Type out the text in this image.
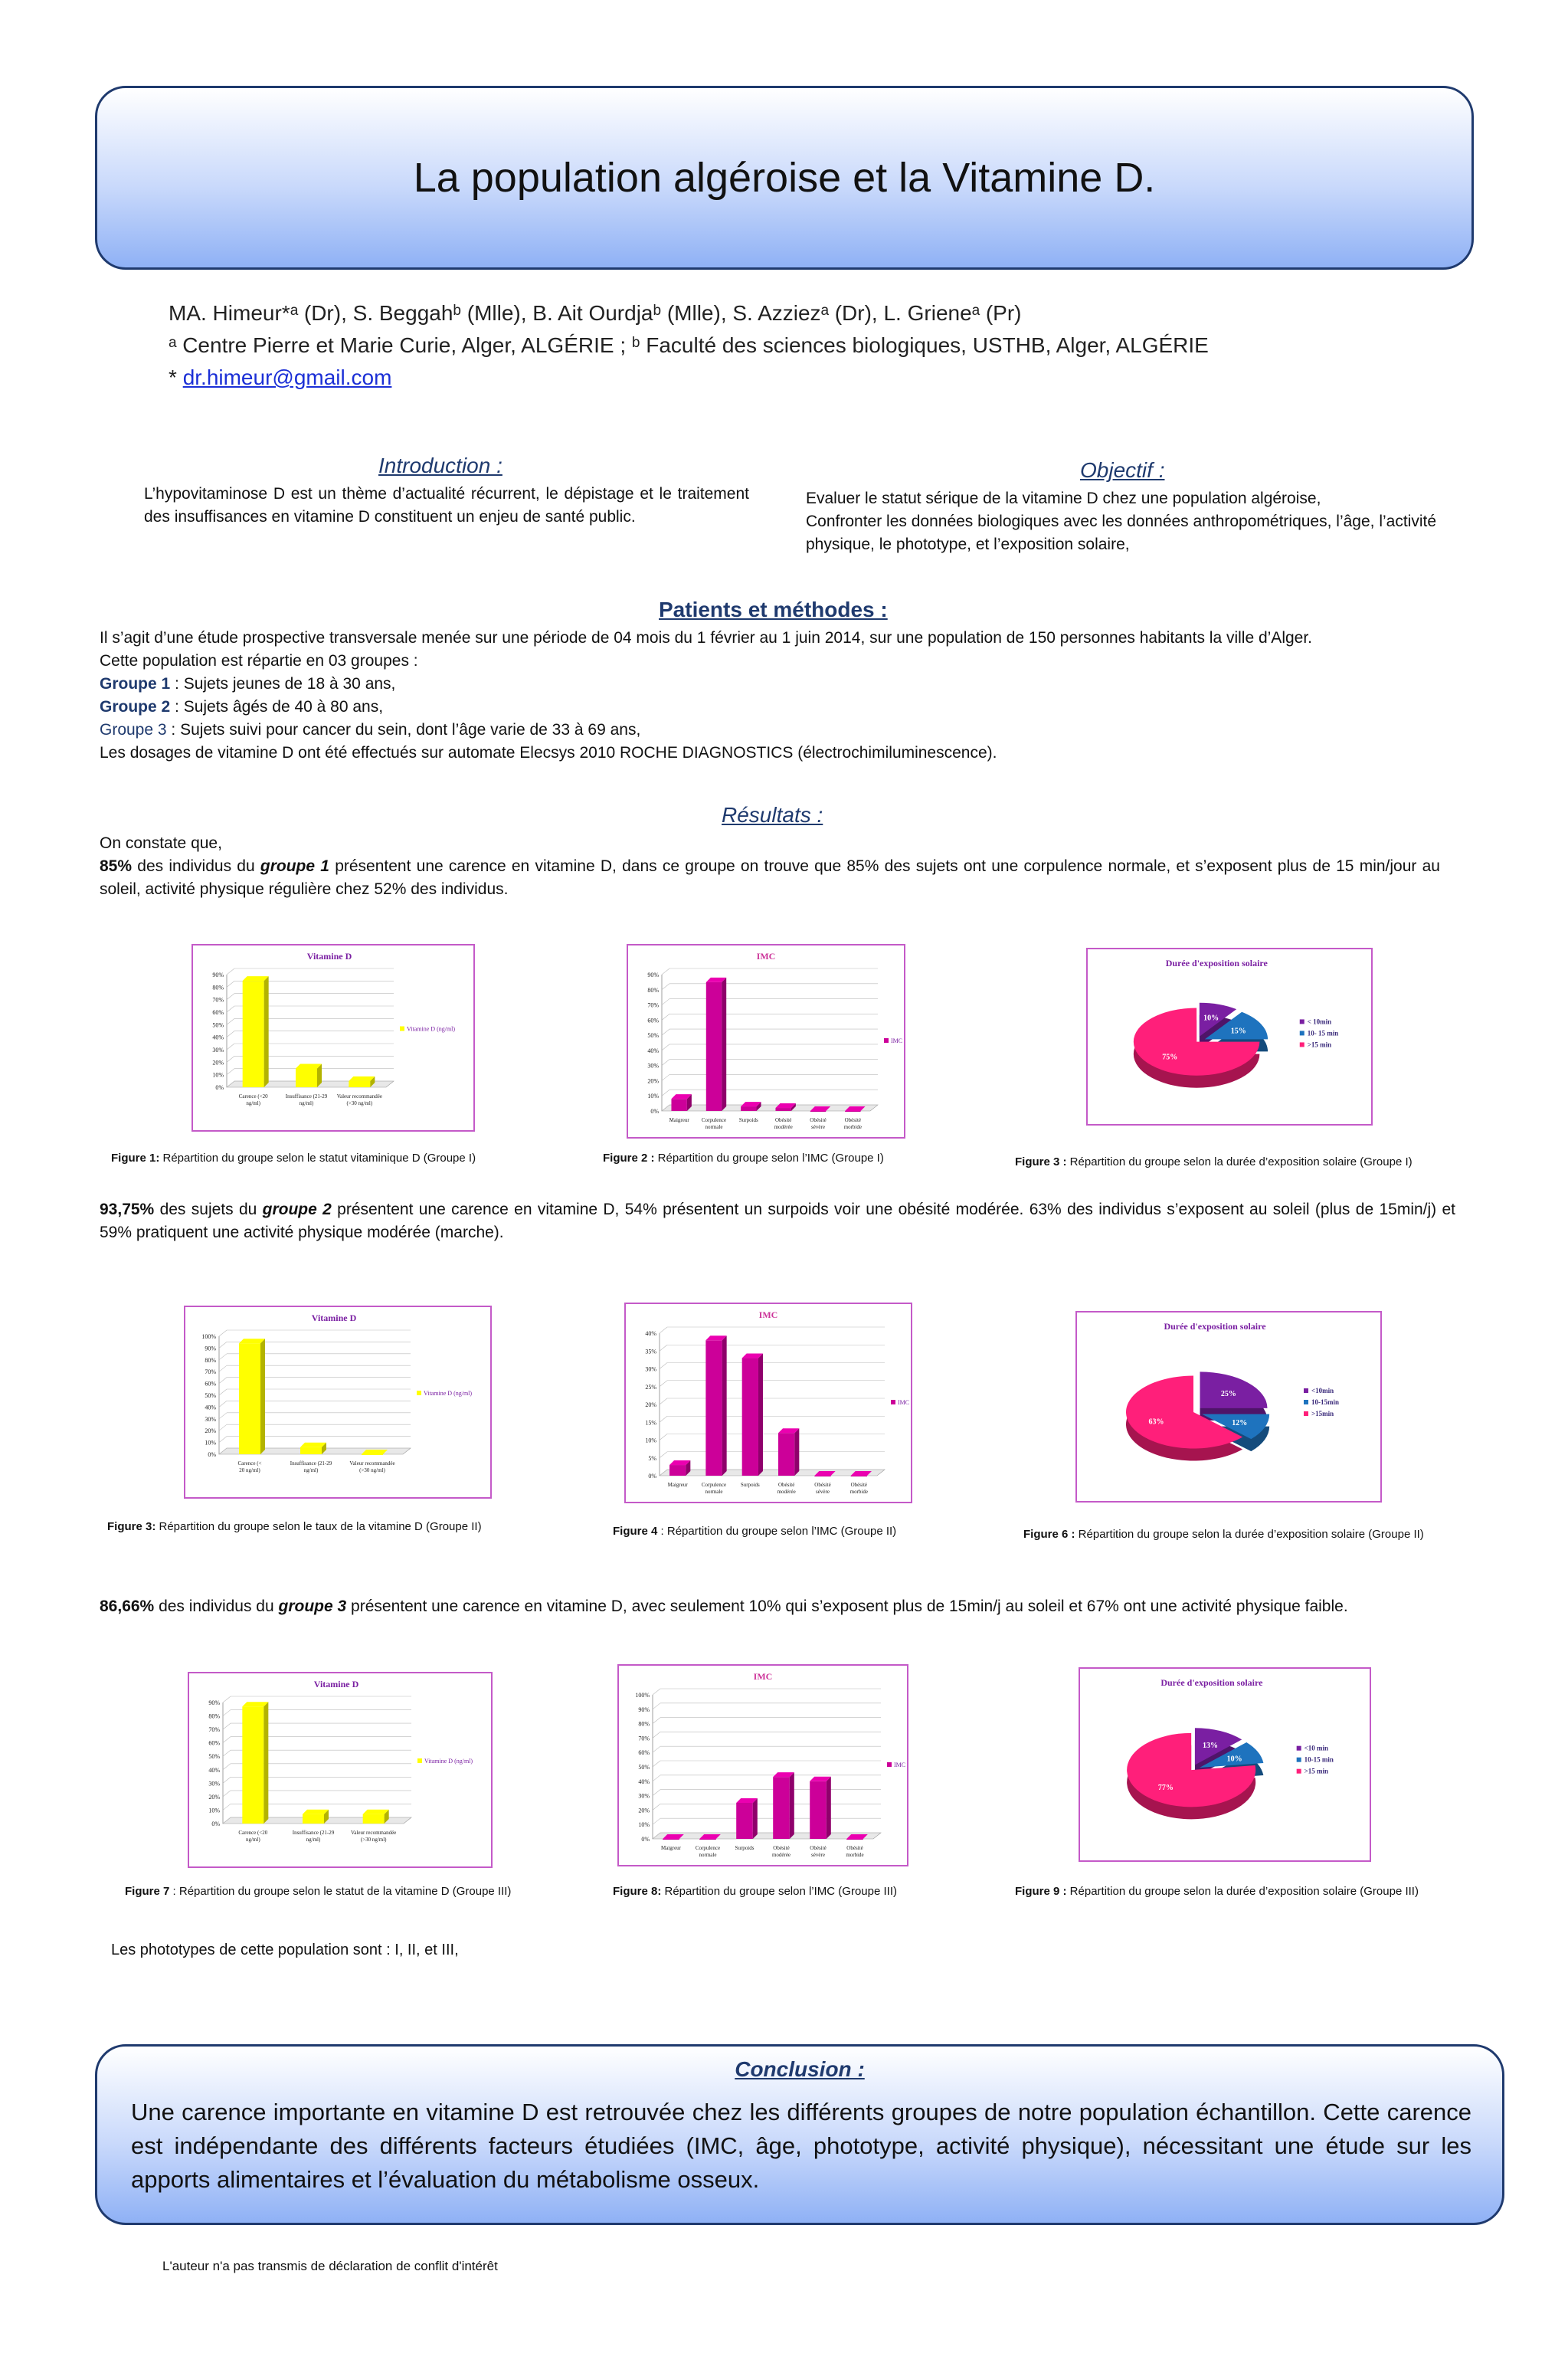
La population algéroise et la Vitamine D.
MA. Himeur*ᵃ (Dr), S. Beggahᵇ (Mlle), B. Ait Ourdjaᵇ (Mlle), S. Azziezᵃ (Dr), L. Grieneᵃ (Pr)
ᵃ Centre Pierre et Marie Curie, Alger, ALGÉRIE ; ᵇ Faculté des sciences biologiques, USTHB, Alger, ALGÉRIE
* dr.himeur@gmail.com
Introduction :
L’hypovitaminose D est un thème d’actualité récurrent, le dépistage et le traitement des insuffisances en vitamine D constituent un enjeu de santé public.
Objectif :
Evaluer le statut sérique de la vitamine D chez une population algéroise,
Confronter les données biologiques avec les données anthropométriques, l’âge, l’activité physique, le phototype, et l’exposition solaire,
Patients et méthodes :
Il s’agit d’une étude prospective transversale menée sur une période de 04 mois du 1 février au 1 juin 2014, sur une population de 150 personnes habitants la ville d’Alger.
Cette population est répartie en 03 groupes :
Groupe 1 : Sujets jeunes de 18 à 30 ans,
Groupe 2 : Sujets âgés de 40 à 80 ans,
Groupe 3 : Sujets suivi pour cancer du sein, dont l’âge varie de 33 à 69 ans,
Les dosages de vitamine D ont été effectués sur automate Elecsys 2010 ROCHE DIAGNOSTICS (électrochimiluminescence).
Résultats :
On constate que,
85% des individus du groupe 1 présentent une carence en vitamine D, dans ce groupe on trouve que 85% des sujets ont une corpulence normale, et s’exposent plus de 15 min/jour au soleil, activité physique régulière chez 52% des individus.
Vitamine D
0%
10%
20%
30%
40%
50%
60%
70%
80%
90%
Carence (<20
ng/ml)
Insuffisance (21-29
ng/ml)
Valeur recommandée
(>30 ng/ml)
Vitamine D (ng/ml)
IMC
0%
10%
20%
30%
40%
50%
60%
70%
80%
90%
Maigreur Corpulence
normale
Surpoids	Obésité
modérée
Obésité
sévère
Obésité
morbide
IMC
Durée d'exposition solaire
10%
15%
75%
< 10min
10- 15 min
>15 min
Figure 1: Répartition du groupe selon le statut vitaminique D (Groupe I)	Figure 2 : Répartition du groupe selon l’IMC (Groupe I)	Figure 3 : Répartition du groupe selon la durée d’exposition solaire (Groupe I)
93,75% des sujets du groupe 2 présentent une carence en vitamine D, 54% présentent un surpoids voir une obésité modérée. 63% des individus s’exposent au soleil (plus de 15min/j) et 59% pratiquent une activité physique modérée (marche).
Vitamine D
0%
10%
20%
30%
40%
50%
60%
70%
80%
90%
100%
Carence (<
20 ng/ml)
Insuffisance (21-29
ng/ml)
Valeur recommandée
(>30 ng/ml)
Vitamine D (ng/ml)
IMC
0%
5%
10%
15%
20%
25%
30%
35%
40%
Maigreur	Corpulence
normale
Surpoids	Obésité
modérée
Obésité
sévère
Obésité
morbide
IMC
Durée d'exposition solaire
25%
12%
63%
<10min
10-15min
>15min
Figure 3: Répartition du groupe selon le taux de la vitamine D (Groupe II)	Figure 4 : Répartition du groupe selon l’IMC (Groupe II)	Figure 6 : Répartition du groupe selon la durée d’exposition solaire (Groupe II)
86,66% des individus du groupe 3 présentent une carence en vitamine D, avec seulement 10% qui s’exposent plus de 15min/j au soleil et 67% ont une activité physique faible.
Vitamine D
0%
10%
20%
30%
40%
50%
60%
70%
80%
90%
Carence (<20
ng/ml)
Insuffisance (21-29
ng/ml)
Valeur recommandée
(>30 ng/ml)
Vitamine D (ng/ml)
IMC
0%
10%
20%
30%
40%
50%
60%
70%
80%
90%
100%
Maigreur	Corpulence
normale
Surpoids	Obésité
modérée
Obésité
sévère
Obésité
morbide
IMC
Durée d'exposition solaire
13%
10%
77%
<10 min
10-15 min
>15 min
Figure 7 : Répartition du groupe selon le statut de la vitamine D (Groupe III)	Figure 8: Répartition du groupe selon l’IMC (Groupe III)	Figure 9 : Répartition du groupe selon la durée d’exposition solaire (Groupe III)
Les phototypes de cette population sont : I, II, et III,
Conclusion :
Une carence importante en vitamine D est retrouvée chez les différents groupes de notre population échantillon. Cette carence est indépendante des différents facteurs étudiées (IMC, âge, phototype, activité physique), nécessitant une étude sur les apports alimentaires et l’évaluation du métabolisme osseux.
L'auteur n'a pas transmis de déclaration de conflit d'intérêt
